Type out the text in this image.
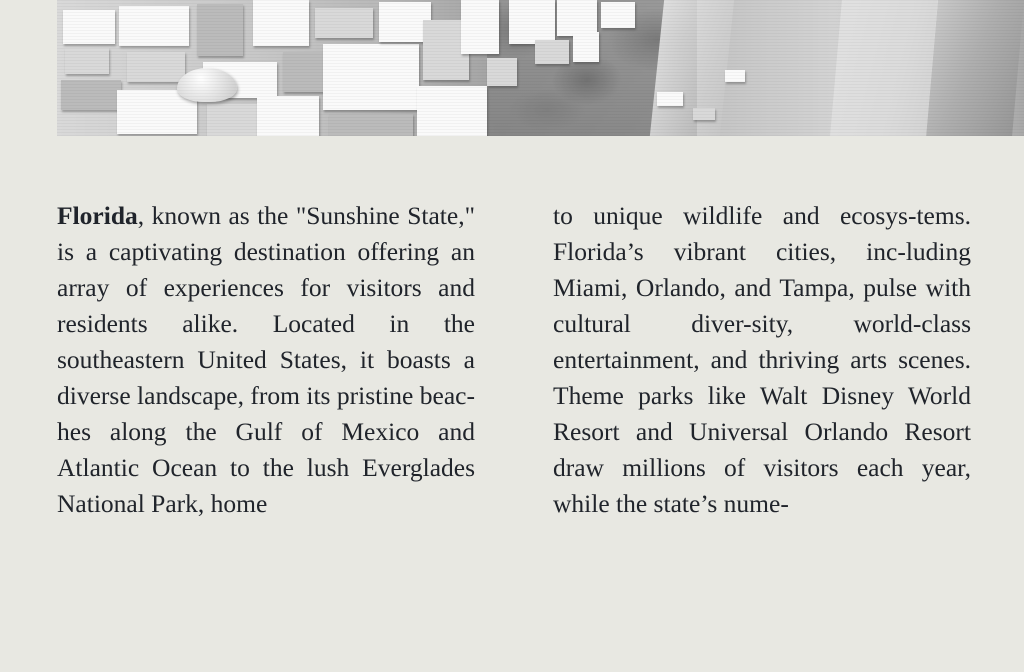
Florida, known as the "Sunshine State," is a captivating destination offering an array of experiences for visitors and residents alike. Located in the southeastern United States, it boasts a diverse landscape, from its pristine beac-hes along the Gulf of Mexico and Atlantic Ocean to the lush Everglades National Park, home

to unique wildlife and ecosys-tems. Florida’s vibrant cities, inc-luding Miami, Orlando, and Tampa, pulse with cultural diver-sity, world-class entertainment, and thriving arts scenes. Theme parks like Walt Disney World Resort and Universal Orlando Resort draw millions of visitors each year, while the state’s nume-
